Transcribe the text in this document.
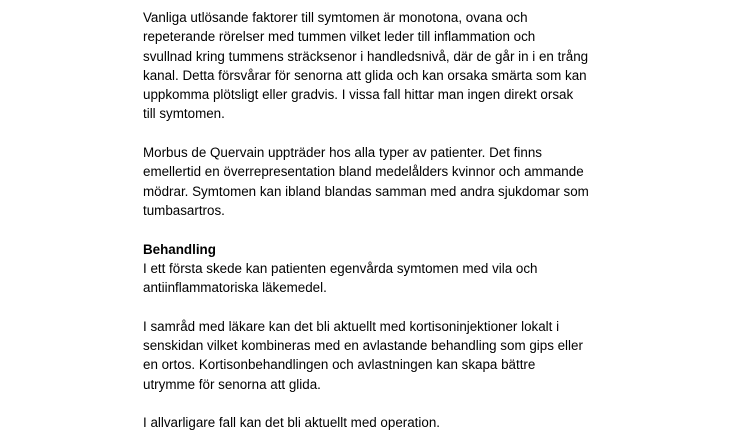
Vanliga utlösande faktorer till symtomen är monotona, ovana och
repeterande rörelser med tummen vilket leder till inflammation och
svullnad kring tummens sträcksenor i handledsnivå, där de går in i en trång
kanal. Detta försvårar för senorna att glida och kan orsaka smärta som kan
uppkomma plötsligt eller gradvis. I vissa fall hittar man ingen direkt orsak
till symtomen.

Morbus de Quervain uppträder hos alla typer av patienter. Det finns
emellertid en överrepresentation bland medelålders kvinnor och ammande
mödrar. Symtomen kan ibland blandas samman med andra sjukdomar som
tumbasartros.

Behandling
I ett första skede kan patienten egenvårda symtomen med vila och
antiinflammatoriska läkemedel.

I samråd med läkare kan det bli aktuellt med kortisoninjektioner lokalt i
senskidan vilket kombineras med en avlastande behandling som gips eller
en ortos. Kortisonbehandlingen och avlastningen kan skapa bättre
utrymme för senorna att glida.

I allvarligare fall kan det bli aktuellt med operation.
